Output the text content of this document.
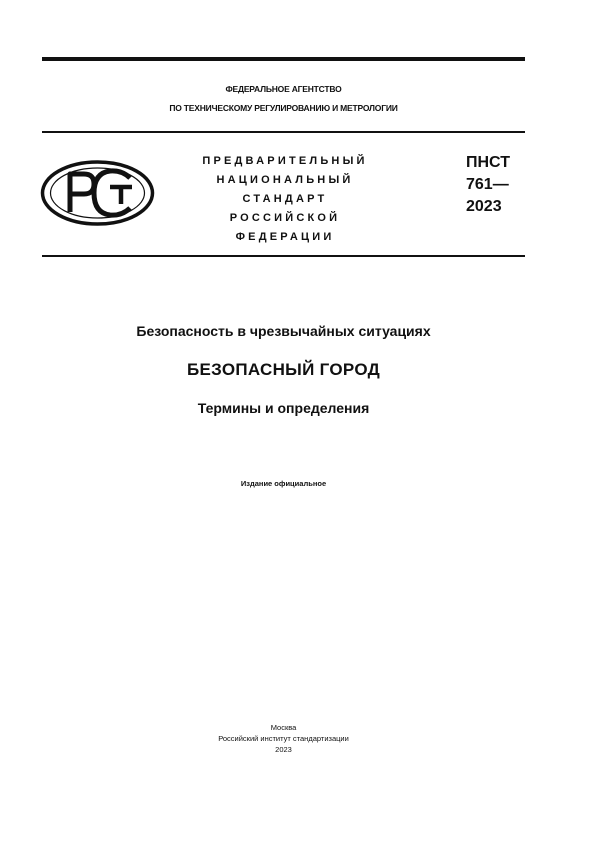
ФЕДЕРАЛЬНОЕ АГЕНТСТВО
ПО ТЕХНИЧЕСКОМУ РЕГУЛИРОВАНИЮ И МЕТРОЛОГИИ
ПРЕДВАРИТЕЛЬНЫЙ
НАЦИОНАЛЬНЫЙ
СТАНДАРТ
РОССИЙСКОЙ
ФЕДЕРАЦИИ
ПНСТ
761—
2023
Безопасность в чрезвычайных ситуациях
БЕЗОПАСНЫЙ ГОРОД
Термины и определения
Издание официальное
Москва
Российский институт стандартизации
2023
